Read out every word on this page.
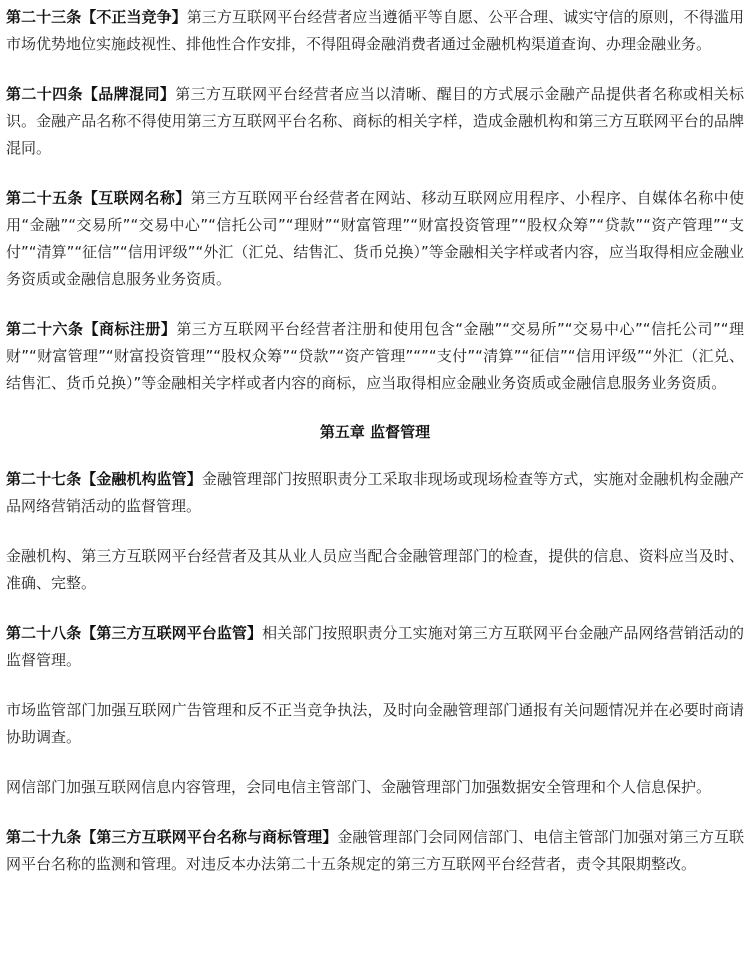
第二十三条【不正当竞争】第三方互联网平台经营者应当遵循平等自愿、公平合理、诚实守信的原则，不得滥用市场优势地位实施歧视性、排他性合作安排，不得阻碍金融消费者通过金融机构渠道查询、办理金融业务。

第二十四条【品牌混同】第三方互联网平台经营者应当以清晰、醒目的方式展示金融产品提供者名称或相关标识。金融产品名称不得使用第三方互联网平台名称、商标的相关字样，造成金融机构和第三方互联网平台的品牌混同。

第二十五条【互联网名称】第三方互联网平台经营者在网站、移动互联网应用程序、小程序、自媒体名称中使用“金融”“交易所”“交易中心”“信托公司”“理财”“财富管理”“财富投资管理”“股权众筹”“贷款”“资产管理”“支付”“清算”“征信”“信用评级”“外汇（汇兑、结售汇、货币兑换）”等金融相关字样或者内容，应当取得相应金融业务资质或金融信息服务业务资质。

第二十六条【商标注册】第三方互联网平台经营者注册和使用包含“金融”“交易所”“交易中心”“信托公司”“理财”“财富管理”“财富投资管理”“股权众筹”“贷款”“资产管理”“”“支付”“清算”“征信”“信用评级”“外汇（汇兑、结售汇、货币兑换）”等金融相关字样或者内容的商标，应当取得相应金融业务资质或金融信息服务业务资质。

第五章 监督管理

第二十七条【金融机构监管】金融管理部门按照职责分工采取非现场或现场检查等方式，实施对金融机构金融产品网络营销活动的监督管理。

金融机构、第三方互联网平台经营者及其从业人员应当配合金融管理部门的检查，提供的信息、资料应当及时、准确、完整。

第二十八条【第三方互联网平台监管】相关部门按照职责分工实施对第三方互联网平台金融产品网络营销活动的监督管理。

市场监管部门加强互联网广告管理和反不正当竞争执法，及时向金融管理部门通报有关问题情况并在必要时商请协助调查。

网信部门加强互联网信息内容管理，会同电信主管部门、金融管理部门加强数据安全管理和个人信息保护。

第二十九条【第三方互联网平台名称与商标管理】金融管理部门会同网信部门、电信主管部门加强对第三方互联网平台名称的监测和管理。对违反本办法第二十五条规定的第三方互联网平台经营者，责令其限期整改。
